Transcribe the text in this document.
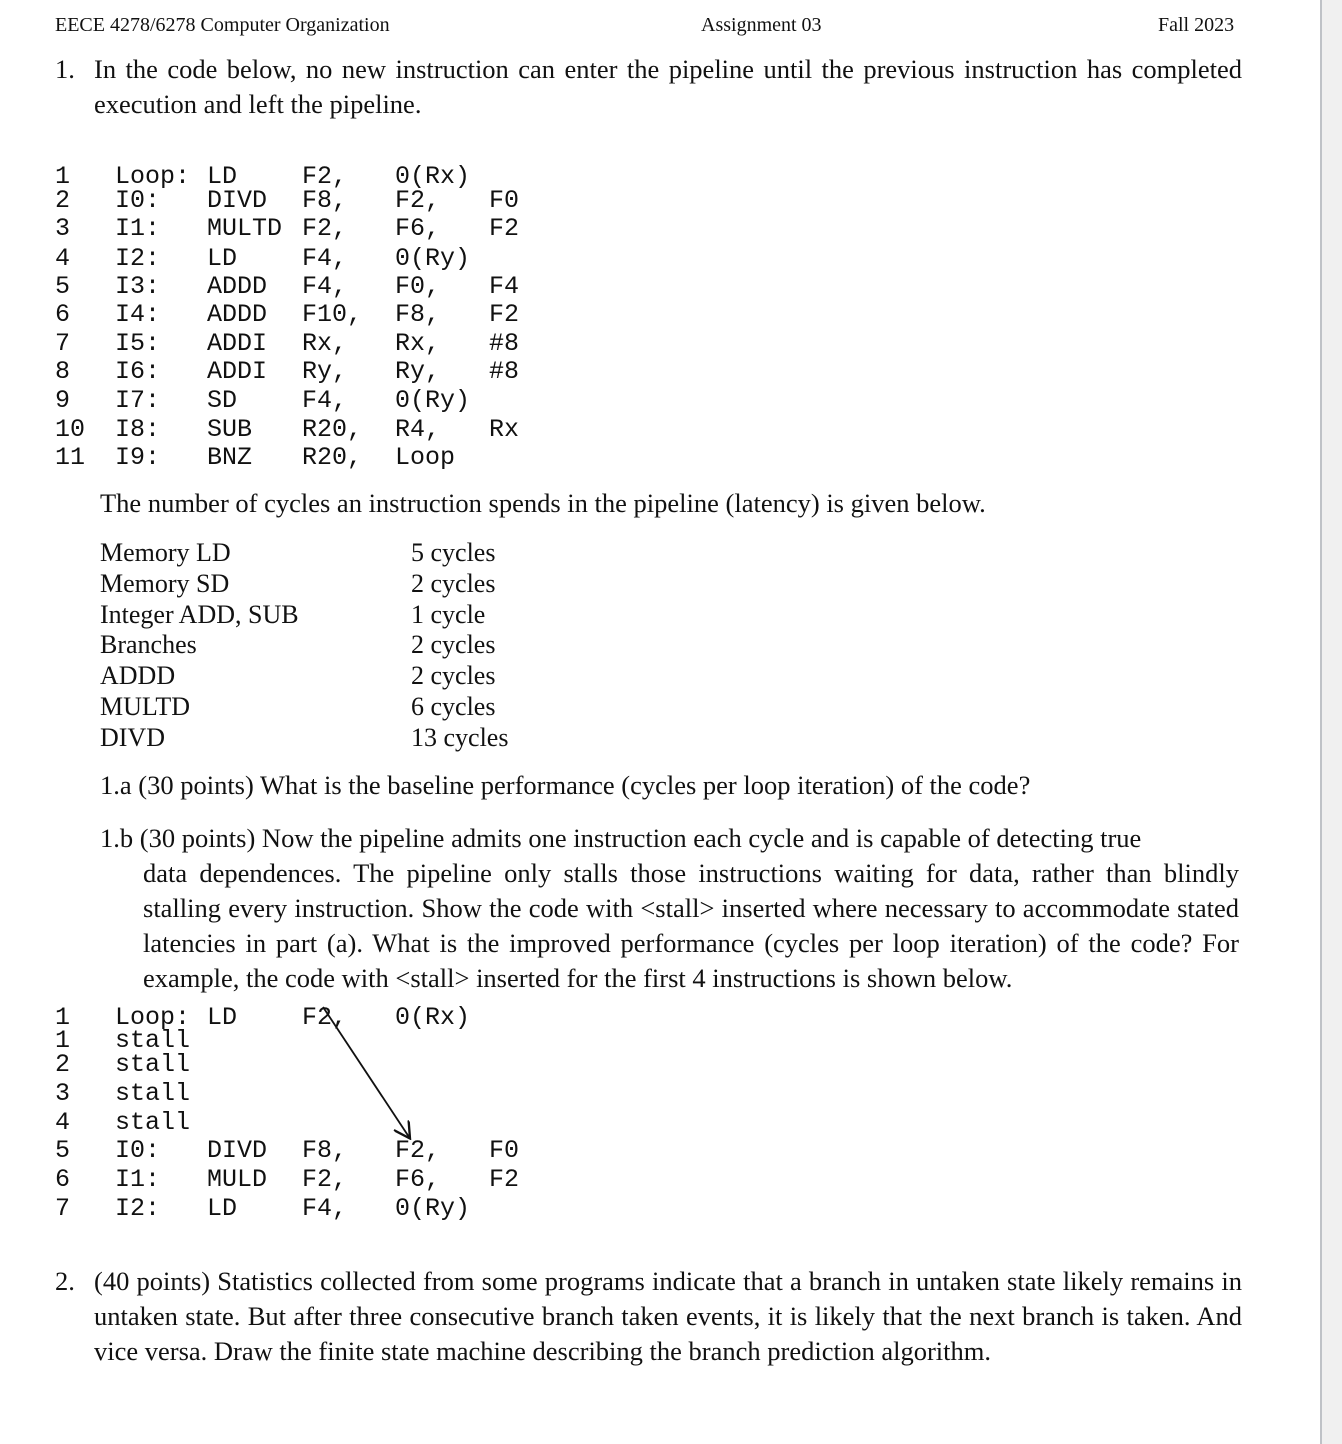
EECE 4278/6278 Computer Organization	Assignment 03	Fall 2023
1. In the code below, no new instruction can enter the pipeline until the previous instruction has completed execution and left the pipeline.
1 Loop: LD	F2, 0(Rx)
2 I0: DIVD F8, F2, F0
3 I1: MULTD F2, F6, F2
4 I2: LD	F4, 0(Ry)
5 I3: ADDD F4, F0, F4
6 I4: ADDD F10, F8, F2
7 I5: ADDI Rx, Rx, #8
8 I6: ADDI Ry, Ry, #8
9 I7: SD	F4, 0(Ry)
10 I8: SUB R20, R4, Rx
11 I9: BNZ R20, Loop
The number of cycles an instruction spends in the pipeline (latency) is given below.
Memory LD	5 cycles
Memory SD	2 cycles
Integer ADD, SUB	1 cycle
Branches	2 cycles
ADDD	2 cycles
MULTD	6 cycles
DIVD	13 cycles
1.a (30 points) What is the baseline performance (cycles per loop iteration) of the code?
1.b (30 points) Now the pipeline admits one instruction each cycle and is capable of detecting true
data dependences. The pipeline only stalls those instructions waiting for data, rather than blindly stalling every instruction. Show the code with <stall> inserted where necessary to accommodate stated latencies in part (a). What is the improved performance (cycles per loop iteration) of the code? For example, the code with <stall> inserted for the first 4 instructions is shown below.
1 Loop: LD	F2, 0(Rx)
1 stall
2 stall
3 stall
4 stall
5 I0: DIVD F8, F2, F0
6 I1: MULD F2, F6, F2
7 I2: LD	F4, 0(Ry)
2. (40 points) Statistics collected from some programs indicate that a branch in untaken state likely remains in untaken state. But after three consecutive branch taken events, it is likely that the next branch is taken. And vice versa. Draw the finite state machine describing the branch prediction algorithm.
